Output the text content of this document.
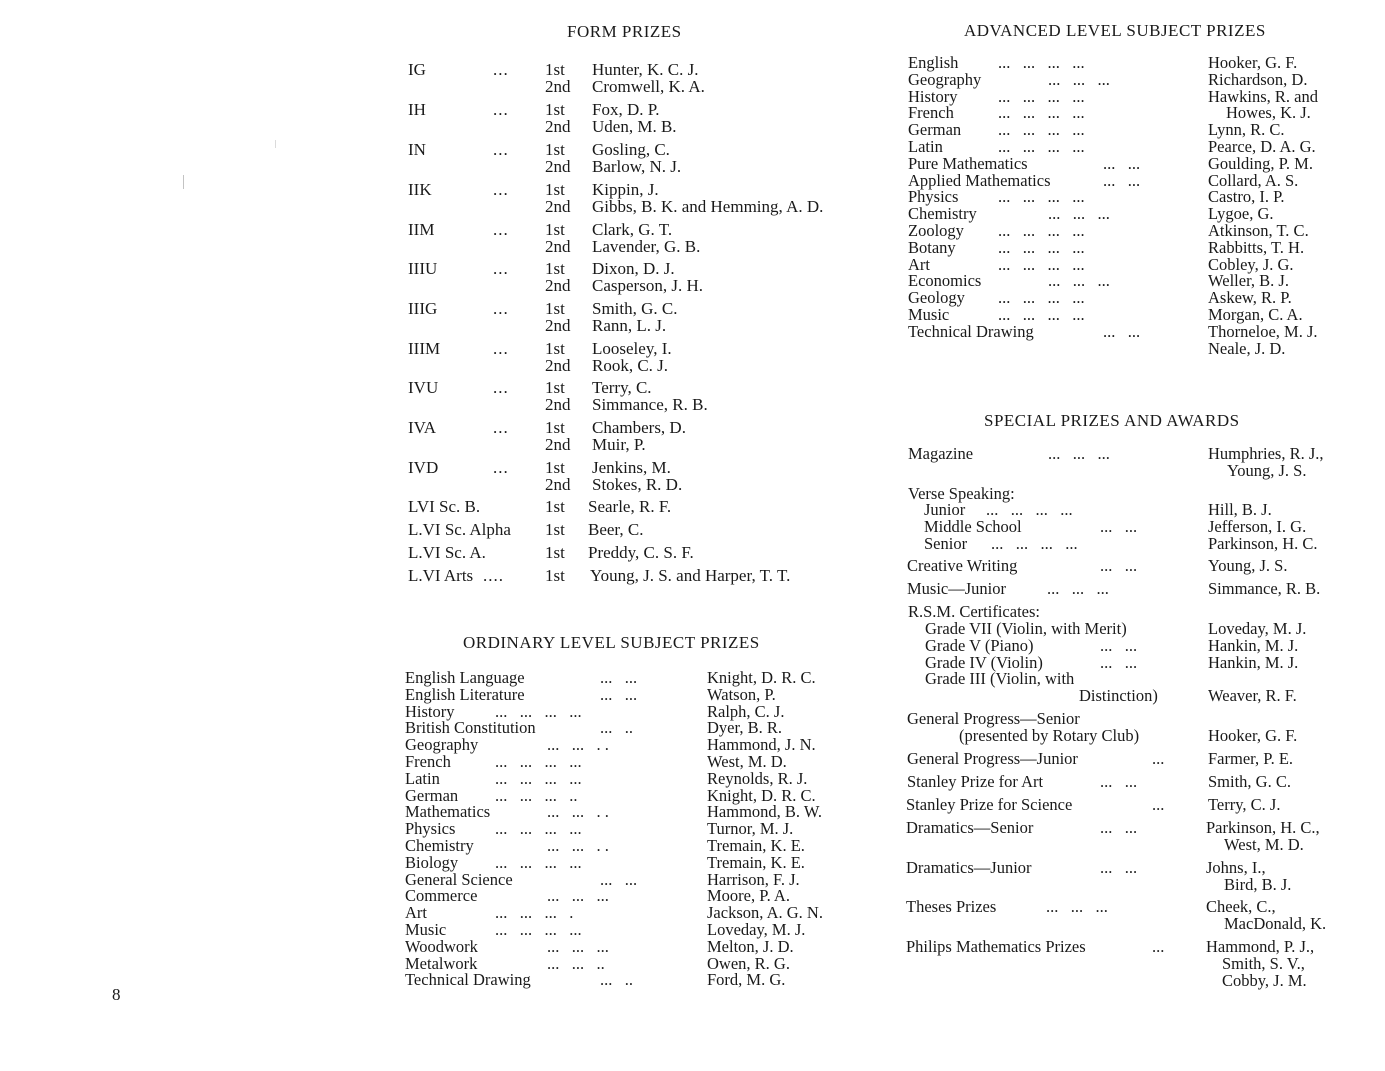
FORM PRIZES	ADVANCED LEVEL SUBJECT PRIZES
ORDINARY LEVEL SUBJECT PRIZES
SPECIAL PRIZES AND AWARDS
IG	... 1st Hunter, K. C. J.
2nd Cromwell, K. A.
IH	... 1st Fox, D. P.
2nd Uden, M. B.
IN	... 1st Gosling, C.
2nd Barlow, N. J.
IIK	... 1st Kippin, J.
2nd Gibbs, B. K. and Hemming, A. D.
IIM	... 1st Clark, G. T.
2nd Lavender, G. B.
IIIU	... 1st Dixon, D. J.
2nd Casperson, J. H.
IIIG	... 1st Smith, G. C.
2nd Rann, L. J.
IIIM	... 1st Looseley, I.
2nd Rook, C. J.
IVU	... 1st Terry, C.
2nd Simmance, R. B.
IVA	... 1st Chambers, D.
2nd Muir, P.
IVD	... 1st Jenkins, M.
2nd Stokes, R. D.
LVI Sc. B.	1st Searle, R. F.
L.VI Sc. Alpha 1st Beer, C.
L.VI Sc. A.	1st Preddy, C. S. F.
L.VI Arts .... 1st Young, J. S. and Harper, T. T.
English Language	...   ...	Knight, D. R. C.
English Literature	...   ...	Watson, P.
History ...   ...   ...   ...	Ralph, C. J.
British Constitution	...   ..	Dyer, B. R.
Geography	...   ...   . .	Hammond, J. N.
French	...   ...   ...   ...	West, M. D.
Latin	...   ...   ...   ...	Reynolds, R. J.
German ...   ...   ...   ..	Knight, D. R. C.
Mathematics	...   ...   . .	Hammond, B. W.
Physics ...   ...   ...   ...	Turnor, M. J.
Chemistry	...   ...   . .	Tremain, K. E.
Biology ...   ...   ...   ...	Tremain, K. E.
General Science	...   ...	Harrison, F. J.
Commerce	...   ...   ...	Moore, P. A.
Art	...   ...   ...   .	Jackson, A. G. N.
Music	...   ...   ...   ...	Loveday, M. J.
Woodwork	...   ...   ...	Melton, J. D.
Metalwork	...   ...   ..	Owen, R. G.
Technical Drawing	...   ..	Ford, M. G.
English ...   ...   ...   ...	Hooker, G. F.
Geography	...   ...   ...	Richardson, D.
History ...   ...   ...   ...	Hawkins, R. and
French	...   ...   ...   ...	Howes, K. J.
German ...   ...   ...   ...	Lynn, R. C.
Latin	...   ...   ...   ...	Pearce, D. A. G.
Pure Mathematics	...   ...	Goulding, P. M.
Applied Mathematics	...   ...	Collard, A. S.
Physics ...   ...   ...   ...	Castro, I. P.
Chemistry	...   ...   ...	Lygoe, G.
Zoology ...   ...   ...   ...	Atkinson, T. C.
Botany	...   ...   ...   ...	Rabbitts, T. H.
Art	...   ...   ...   ...	Cobley, J. G.
Economics	...   ...   ...	Weller, B. J.
Geology ...   ...   ...   ...	Askew, R. P.
Music	...   ...   ...   ...	Morgan, C. A.
Technical Drawing	...   ...	Thorneloe, M. J.
Neale, J. D.
Magazine	...   ...   ...	Humphries, R. J.,
Young, J. S.
Verse Speaking:
Junior ...   ...   ...   ...	Hill, B. J.
Middle School	...   ...	Jefferson, I. G.
Senior ...   ...   ...   ...	Parkinson, H. C.
Creative Writing	...   ...	Young, J. S.
Music—Junior ...   ...   ...	Simmance, R. B.
R.S.M. Certificates:
Grade VII (Violin, with Merit)	Loveday, M. J.
Grade V (Piano)	...   ...	Hankin, M. J.
Grade IV (Violin)	...   ...	Hankin, M. J.
Grade III (Violin, with
Distinction)	Weaver, R. F.
General Progress—Senior
(presented by Rotary Club)	Hooker, G. F.
General Progress—Junior	...	Farmer, P. E.
Stanley Prize for Art	...   ...	Smith, G. C.
Stanley Prize for Science	...	Terry, C. J.
Dramatics—Senior	...   ...	Parkinson, H. C.,
West, M. D.
Dramatics—Junior	...   ...	Johns, I.,
Bird, B. J.
Theses Prizes	...   ...   ...	Cheek, C.,
MacDonald, K.
Philips Mathematics Prizes	...	Hammond, P. J.,
Smith, S. V.,
Cobby, J. M.
8
